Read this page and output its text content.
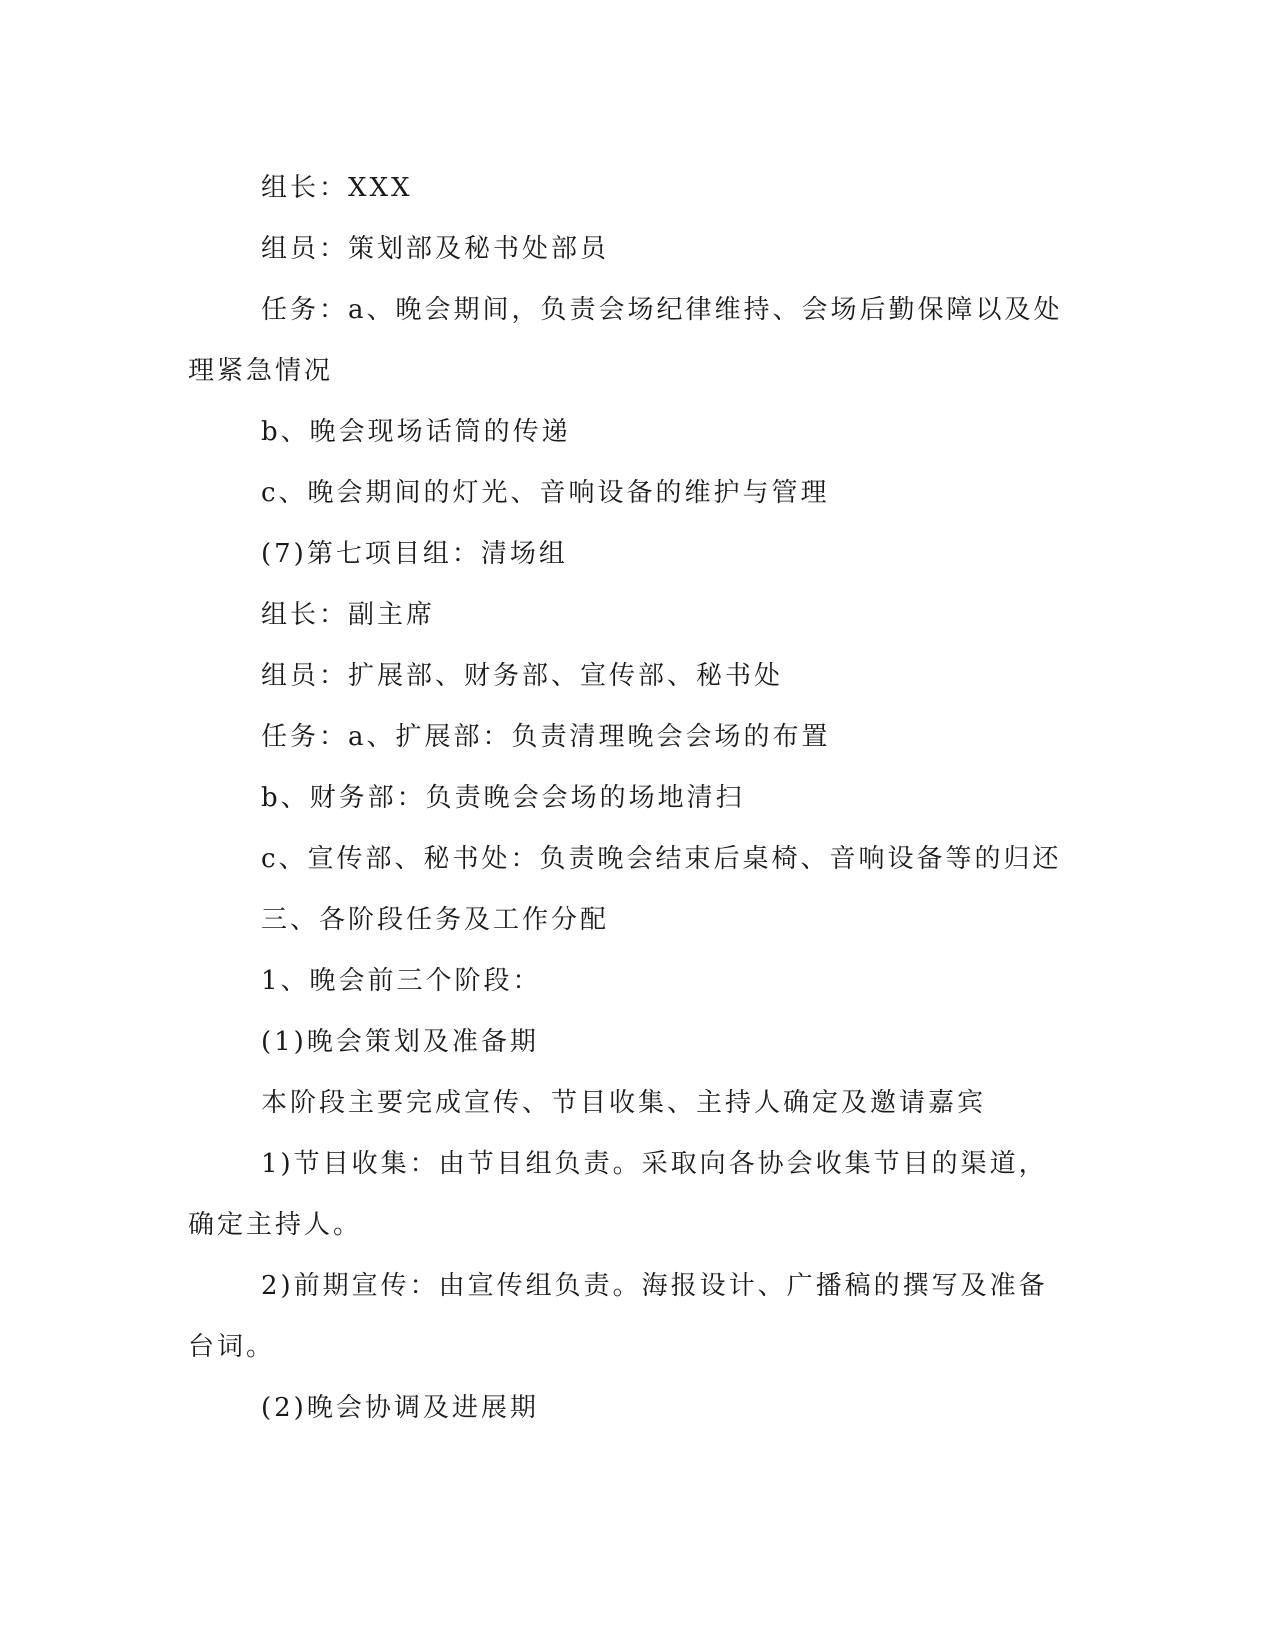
组长：XXX

组员：策划部及秘书处部员

任务：a、晚会期间，负责会场纪律维持、会场后勤保障以及处理紧急情况

b、晚会现场话筒的传递

c、晚会期间的灯光、音响设备的维护与管理

(7)第七项目组：清场组

组长：副主席

组员：扩展部、财务部、宣传部、秘书处

任务：a、扩展部：负责清理晚会会场的布置

b、财务部：负责晚会会场的场地清扫

c、宣传部、秘书处：负责晚会结束后桌椅、音响设备等的归还

三、各阶段任务及工作分配

1、晚会前三个阶段：

(1)晚会策划及准备期

本阶段主要完成宣传、节目收集、主持人确定及邀请嘉宾

1)节目收集：由节目组负责。采取向各协会收集节目的渠道，确定主持人。

2)前期宣传：由宣传组负责。海报设计、广播稿的撰写及准备台词。

(2)晚会协调及进展期
